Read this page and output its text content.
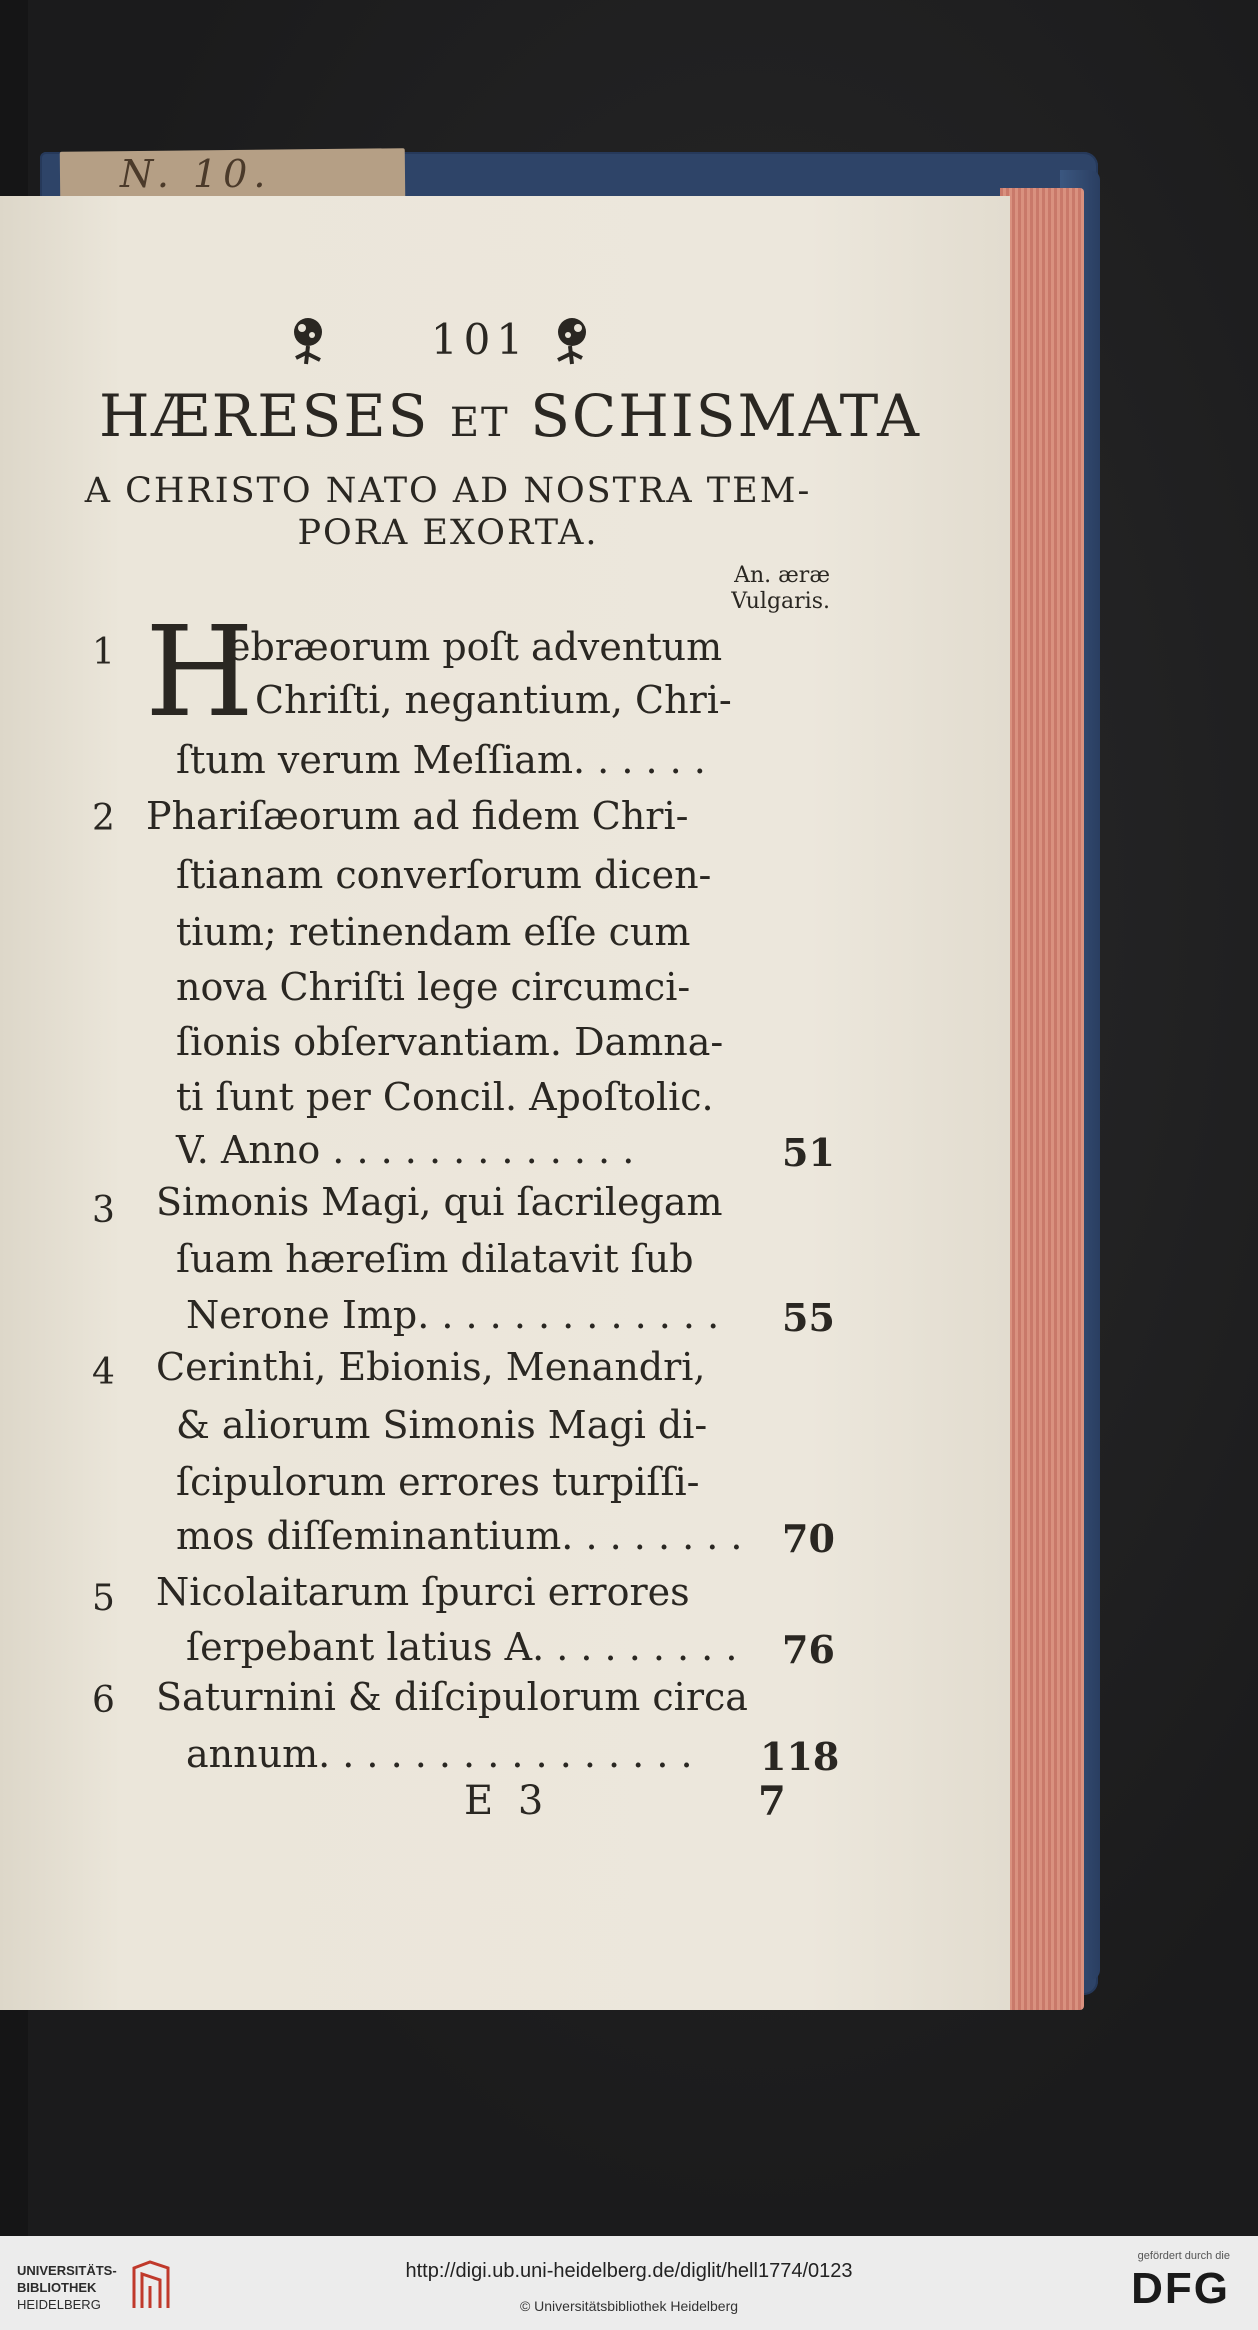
N. 10.
101
HÆRESES ET SCHISMATA
A CHRISTO NATO AD NOSTRA TEM-
PORA EXORTA.
An. æræ
Vulgaris.
1 H
ebræorum poſt adventum
Chriſti, negantium, Chri-
ſtum verum Meſſiam. . . . . .
2 Phariſæorum ad fidem Chri-
ſtianam converſorum dicen-
tium; retinendam eſſe cum
nova Chriſti lege circumci-
ſionis obſervantiam. Damna-
ti ſunt per Concil. Apoſtolic.
V. Anno . . . . . . . . . . . . .	51
3 Simonis Magi, qui ſacrilegam
ſuam hæreſim dilatavit ſub
Nerone Imp. . . . . . . . . . . . . 55
4 Cerinthi, Ebionis, Menandri,
& aliorum Simonis Magi di-
ſcipulorum errores turpiſſi-
mos diſſeminantium. . . . . . . . 70
5 Nicolaitarum ſpurci errores
ſerpebant latius A. . . . . . . . . 76
6 Saturnini & diſcipulorum circa
annum. . . . . . . . . . . . . . . . 118
E 3	7
UNIVERSITÄTS-
BIBLIOTHEK
HEIDELBERG
http://digi.ub.uni-heidelberg.de/diglit/hell1774/0123
© Universitätsbibliothek Heidelberg
gefördert durch die
DFG
